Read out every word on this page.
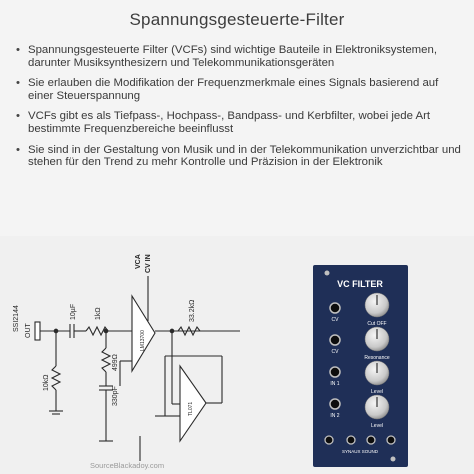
Spannungsgesteuerte-Filter
• Spannungsgesteuerte Filter (VCFs) sind wichtige Bauteile in Elektroniksystemen, darunter Musiksynthesizern und Telekommunikationsgeräten
• Sie erlauben die Modifikation der Frequenzmerkmale eines Signals basierend auf einer Steuerspannung
• VCFs gibt es als Tiefpass-, Hochpass-, Bandpass- und Kerbfilter, wobei jede Art bestimmte Frequenzbereiche beeinflusst
• Sie sind in der Gestaltung von Musik und in der Telekommunikation unverzichtbar und stehen für den Trend zu mehr Kontrolle und Präzision in der Elektronik
SSI2144 OUT
VCA CV IN
10µF	1kΩ	33.2kΩ
499Ω
330pF
10kΩ
LM13700
TL071
SourceBlackadoy.com
VC FILTER
CV
Cut OFF
CV
Resonance
IN 1
Level
IN 2
Level
SYNAUX SOUND
